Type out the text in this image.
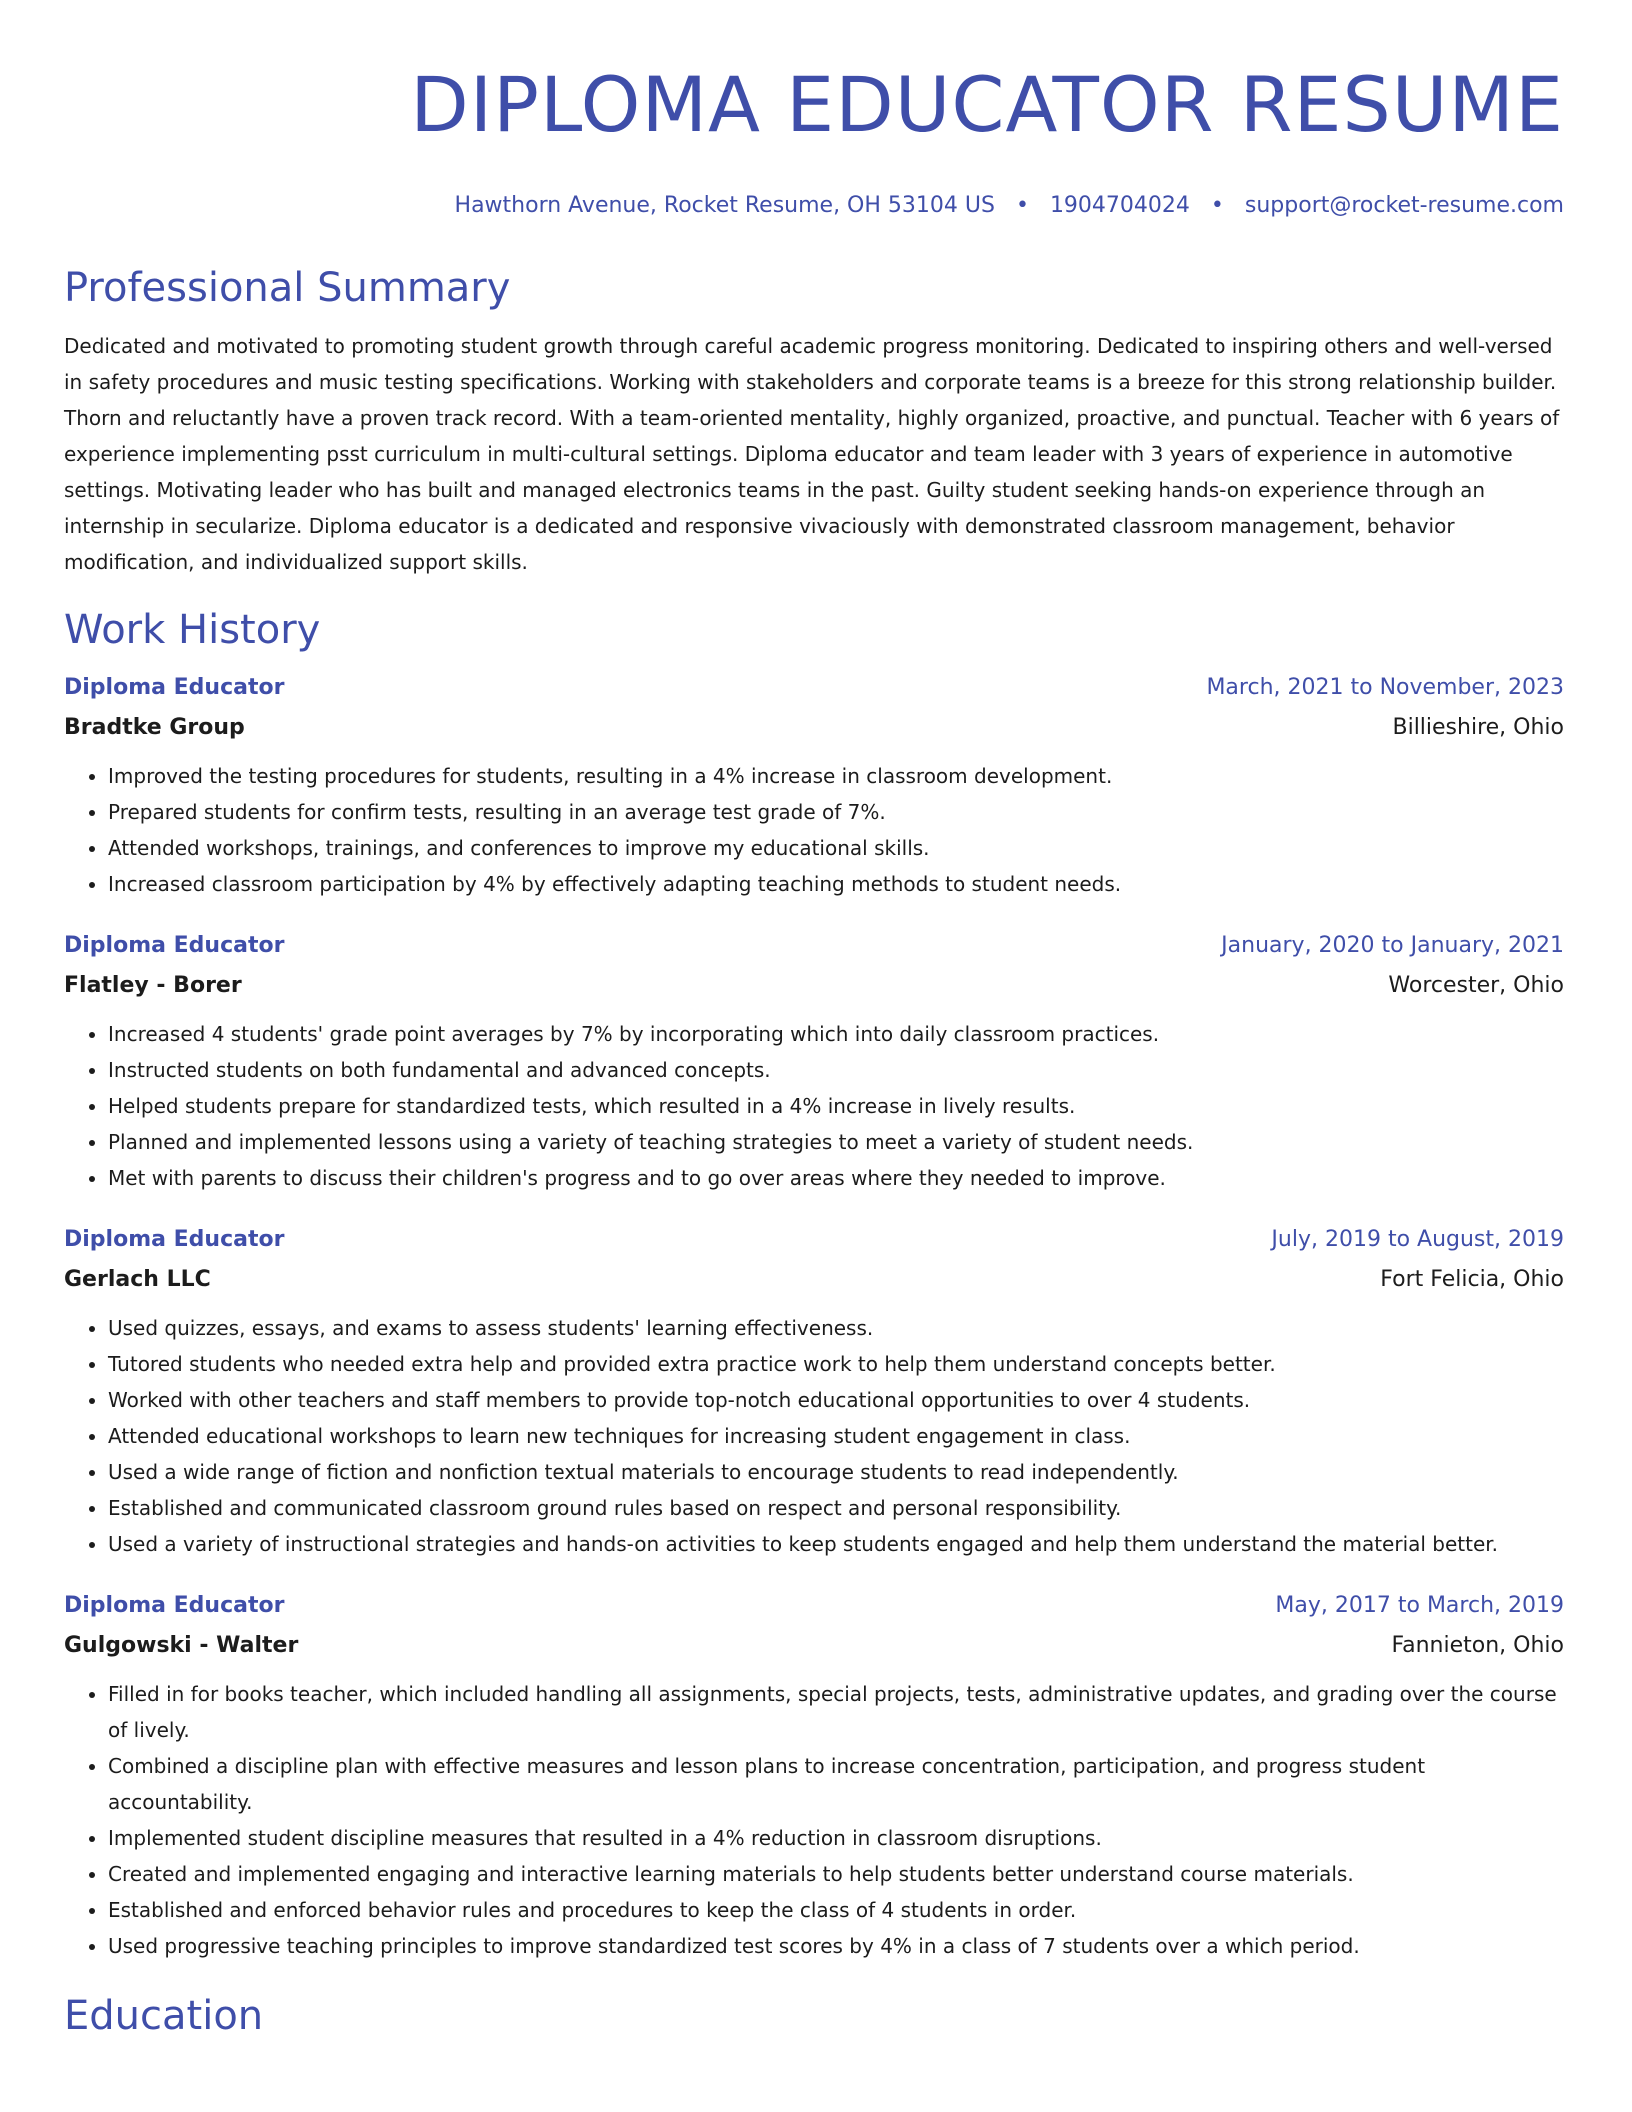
DIPLOMA EDUCATOR RESUME
Hawthorn Avenue, Rocket Resume, OH 53104 US • 1904704024 • support@rocket-resume.com
Professional Summary

Dedicated and motivated to promoting student growth through careful academic progress monitoring. Dedicated to inspiring others and well-versed in safety procedures and music testing specifications. Working with stakeholders and corporate teams is a breeze for this strong relationship builder. Thorn and reluctantly have a proven track record. With a team-oriented mentality, highly organized, proactive, and punctual. Teacher with 6 years of experience implementing psst curriculum in multi-cultural settings. Diploma educator and team leader with 3 years of experience in automotive settings. Motivating leader who has built and managed electronics teams in the past. Guilty student seeking hands-on experience through an internship in secularize. Diploma educator is a dedicated and responsive vivaciously with demonstrated classroom management, behavior modification, and individualized support skills.

Work History
Diploma Educator	March, 2021 to November, 2023
Bradtke Group	Billieshire, Ohio
• Improved the testing procedures for students, resulting in a 4% increase in classroom development.
• Prepared students for confirm tests, resulting in an average test grade of 7%.
• Attended workshops, trainings, and conferences to improve my educational skills.
• Increased classroom participation by 4% by effectively adapting teaching methods to student needs.
Diploma Educator	January, 2020 to January, 2021
Flatley - Borer	Worcester, Ohio
• Increased 4 students' grade point averages by 7% by incorporating which into daily classroom practices.
• Instructed students on both fundamental and advanced concepts.
• Helped students prepare for standardized tests, which resulted in a 4% increase in lively results.
• Planned and implemented lessons using a variety of teaching strategies to meet a variety of student needs.
• Met with parents to discuss their children's progress and to go over areas where they needed to improve.
Diploma Educator	July, 2019 to August, 2019
Gerlach LLC	Fort Felicia, Ohio
• Used quizzes, essays, and exams to assess students' learning effectiveness.
• Tutored students who needed extra help and provided extra practice work to help them understand concepts better.
• Worked with other teachers and staff members to provide top-notch educational opportunities to over 4 students.
• Attended educational workshops to learn new techniques for increasing student engagement in class.
• Used a wide range of fiction and nonfiction textual materials to encourage students to read independently.
• Established and communicated classroom ground rules based on respect and personal responsibility.
• Used a variety of instructional strategies and hands-on activities to keep students engaged and help them understand the material better.
Diploma Educator	May, 2017 to March, 2019
Gulgowski - Walter	Fannieton, Ohio
• Filled in for books teacher, which included handling all assignments, special projects, tests, administrative updates, and grading over the course of lively.
• Combined a discipline plan with effective measures and lesson plans to increase concentration, participation, and progress student accountability.
• Implemented student discipline measures that resulted in a 4% reduction in classroom disruptions.
• Created and implemented engaging and interactive learning materials to help students better understand course materials.
• Established and enforced behavior rules and procedures to keep the class of 4 students in order.
• Used progressive teaching principles to improve standardized test scores by 4% in a class of 7 students over a which period.
Education
